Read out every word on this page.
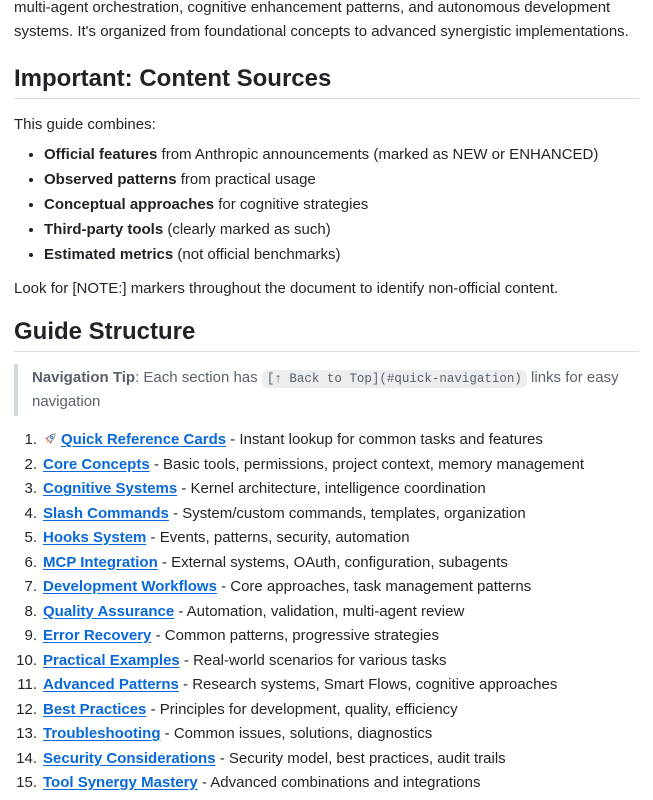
multi-agent orchestration, cognitive enhancement patterns, and autonomous development systems. It's organized from foundational concepts to advanced synergistic implementations.

Important: Content Sources

This guide combines:

• Official features from Anthropic announcements (marked as NEW or ENHANCED)
• Observed patterns from practical usage
• Conceptual approaches for cognitive strategies
• Third-party tools (clearly marked as such)
• Estimated metrics (not official benchmarks)

Look for [NOTE:] markers throughout the document to identify non-official content.

Guide Structure

Navigation Tip: Each section has [↑ Back to Top](#quick-navigation) links for easy navigation

1. Quick Reference Cards - Instant lookup for common tasks and features
2. Core Concepts - Basic tools, permissions, project context, memory management
3. Cognitive Systems - Kernel architecture, intelligence coordination
4. Slash Commands - System/custom commands, templates, organization
5. Hooks System - Events, patterns, security, automation
6. MCP Integration - External systems, OAuth, configuration, subagents
7. Development Workflows - Core approaches, task management patterns
8. Quality Assurance - Automation, validation, multi-agent review
9. Error Recovery - Common patterns, progressive strategies
10. Practical Examples - Real-world scenarios for various tasks
11. Advanced Patterns - Research systems, Smart Flows, cognitive approaches
12. Best Practices - Principles for development, quality, efficiency
13. Troubleshooting - Common issues, solutions, diagnostics
14. Security Considerations - Security model, best practices, audit trails
15. Tool Synergy Mastery - Advanced combinations and integrations
